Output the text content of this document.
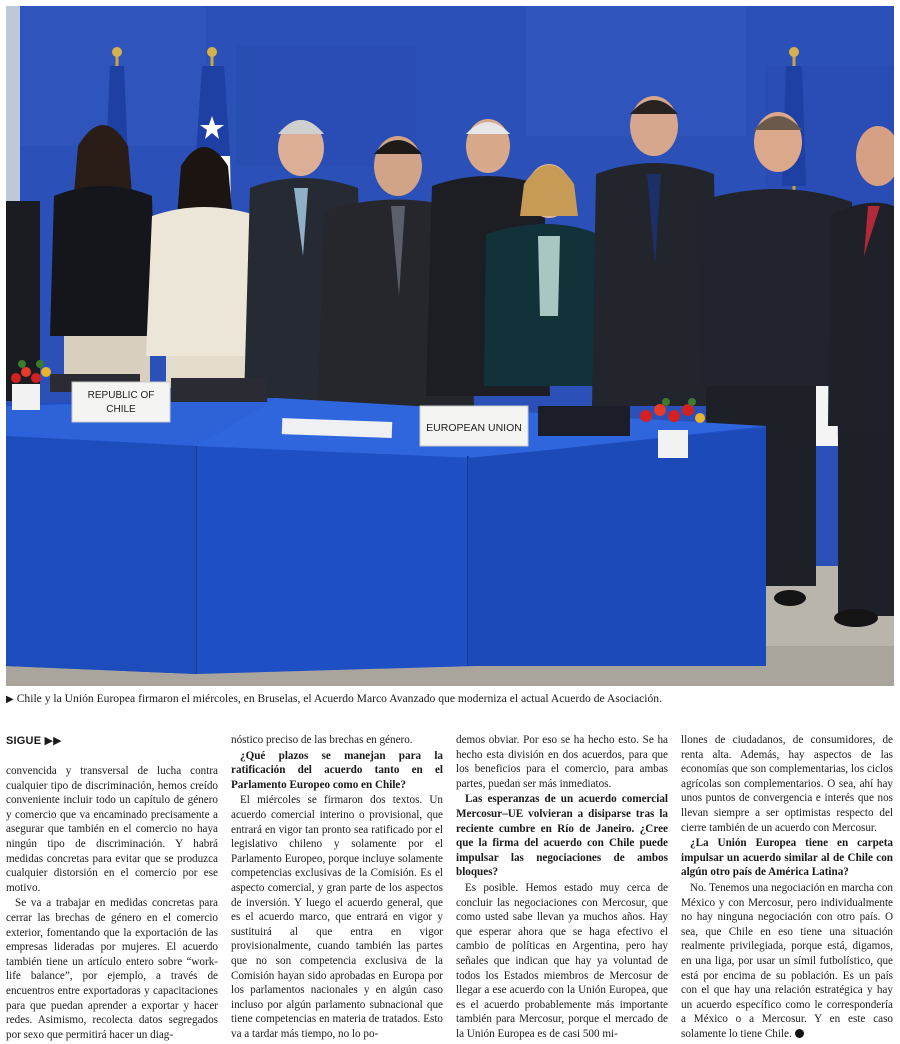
REPUBLIC OF
CHILE
EUROPEAN UNION
▶ Chile y la Unión Europea firmaron el miércoles, en Bruselas, el Acuerdo Marco Avanzado que moderniza el actual Acuerdo de Asociación.
SIGUE ▶▶

convencida y transversal de lucha contra cualquier tipo de discriminación, hemos creído conveniente incluir todo un capítulo de género y comercio que va encaminado precisamente a asegurar que también en el comercio no haya ningún tipo de discriminación. Y habrá medidas concretas para evitar que se produzca cualquier distorsión en el comercio por ese motivo.

Se va a trabajar en medidas concretas para cerrar las brechas de género en el comercio exterior, fomentando que la exportación de las empresas lideradas por mujeres. El acuerdo también tiene un artículo entero sobre “work-life balance”, por ejemplo, a través de encuentros entre exportadoras y capacitaciones para que puedan aprender a exportar y hacer redes. Asimismo, recolecta datos segregados por sexo que permitirá hacer un diag-

nóstico preciso de las brechas en género.

¿Qué plazos se manejan para la ratificación del acuerdo tanto en el Parlamento Europeo como en Chile?

El miércoles se firmaron dos textos. Un acuerdo comercial interino o provisional, que entrará en vigor tan pronto sea ratificado por el legislativo chileno y solamente por el Parlamento Europeo, porque incluye solamente competencias exclusivas de la Comisión. Es el aspecto comercial, y gran parte de los aspectos de inversión. Y luego el acuerdo general, que es el acuerdo marco, que entrará en vigor y sustituirá al que entra en vigor provisionalmente, cuando también las partes que no son competencia exclusiva de la Comisión hayan sido aprobadas en Europa por los parlamentos nacionales y en algún caso incluso por algún parlamento subnacional que tiene competencias en materia de tratados. Esto va a tardar más tiempo, no lo po-

demos obviar. Por eso se ha hecho esto. Se ha hecho esta división en dos acuerdos, para que los beneficios para el comercio, para ambas partes, puedan ser más inmediatos.

Las esperanzas de un acuerdo comercial Mercosur–UE volvieran a disiparse tras la reciente cumbre en Río de Janeiro. ¿Cree que la firma del acuerdo con Chile puede impulsar las negociaciones de ambos bloques?

Es posible. Hemos estado muy cerca de concluir las negociaciones con Mercosur, que como usted sabe llevan ya muchos años. Hay que esperar ahora que se haga efectivo el cambio de políticas en Argentina, pero hay señales que indican que hay ya voluntad de todos los Estados miembros de Mercosur de llegar a ese acuerdo con la Unión Europea, que es el acuerdo probablemente más importante también para Mercosur, porque el mercado de la Unión Europea es de casi 500 mi-

llones de ciudadanos, de consumidores, de renta alta. Además, hay aspectos de las economías que son complementarias, los ciclos agrícolas son complementarios. O sea, ahí hay unos puntos de convergencia e interés que nos llevan siempre a ser optimistas respecto del cierre también de un acuerdo con Mercosur.

¿La Unión Europea tiene en carpeta impulsar un acuerdo similar al de Chile con algún otro país de América Latina?

No. Tenemos una negociación en marcha con México y con Mercosur, pero individualmente no hay ninguna negociación con otro país. O sea, que Chile en eso tiene una situación realmente privilegiada, porque está, digamos, en una liga, por usar un símil futbolístico, que está por encima de su población. Es un país con el que hay una relación estratégica y hay un acuerdo específico como le correspondería a México o a Mercosur. Y en este caso solamente lo tiene Chile.
